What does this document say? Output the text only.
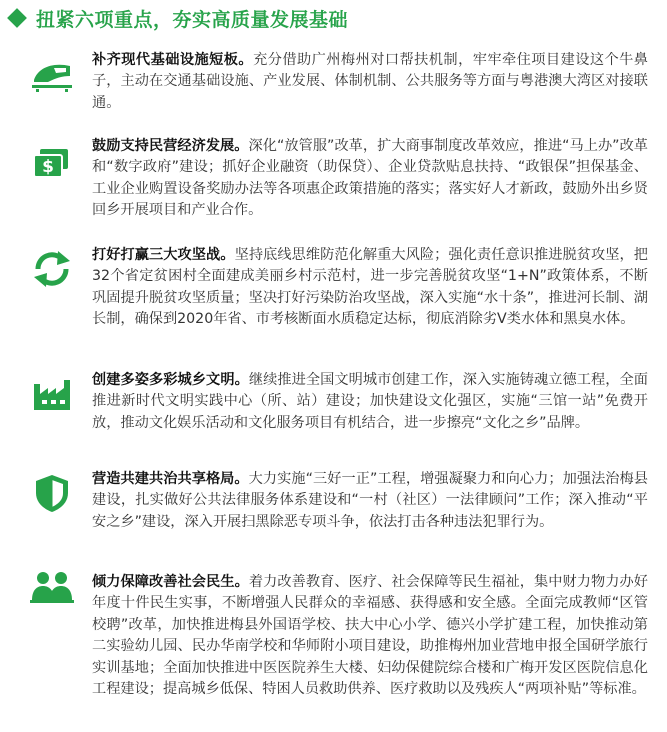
扭紧六项重点，夯实高质量发展基础
补齐现代基础设施短板。充分借助广州梅州对口帮扶机制，牢牢牵住项目建设这个牛鼻子，主动在交通基础设施、产业发展、体制机制、公共服务等方面与粤港澳大湾区对接联通。
$
鼓励支持民营经济发展。深化“放管服”改革，扩大商事制度改革效应，推进“马上办”改革和“数字政府”建设；抓好企业融资（助保贷）、企业贷款贴息扶持、“政银保”担保基金、工业企业购置设备奖励办法等各项惠企政策措施的落实；落实好人才新政，鼓励外出乡贤回乡开展项目和产业合作。
打好打赢三大攻坚战。坚持底线思维防范化解重大风险；强化责任意识推进脱贫攻坚，把32个省定贫困村全面建成美丽乡村示范村，进一步完善脱贫攻坚“1+N”政策体系，不断巩固提升脱贫攻坚质量；坚决打好污染防治攻坚战，深入实施“水十条”，推进河长制、湖长制，确保到2020年省、市考核断面水质稳定达标，彻底消除劣Ⅴ类水体和黑臭水体。
创建多姿多彩城乡文明。继续推进全国文明城市创建工作，深入实施铸魂立德工程，全面推进新时代文明实践中心（所、站）建设；加快建设文化强区，实施“三馆一站”免费开放，推动文化娱乐活动和文化服务项目有机结合，进一步擦亮“文化之乡”品牌。
营造共建共治共享格局。大力实施“三好一正”工程，增强凝聚力和向心力；加强法治梅县建设，扎实做好公共法律服务体系建设和“一村（社区）一法律顾问”工作；深入推动“平安之乡”建设，深入开展扫黑除恶专项斗争，依法打击各种违法犯罪行为。
倾力保障改善社会民生。着力改善教育、医疗、社会保障等民生福祉，集中财力物力办好年度十件民生实事，不断增强人民群众的幸福感、获得感和安全感。全面完成教师“区管校聘”改革，加快推进梅县外国语学校、扶大中心小学、德兴小学扩建工程，加快推动第二实验幼儿园、民办华南学校和华师附小项目建设，助推梅州加业营地申报全国研学旅行实训基地；全面加快推进中医医院养生大楼、妇幼保健院综合楼和广梅开发区医院信息化工程建设；提高城乡低保、特困人员救助供养、医疗救助以及残疾人“两项补贴”等标准。
